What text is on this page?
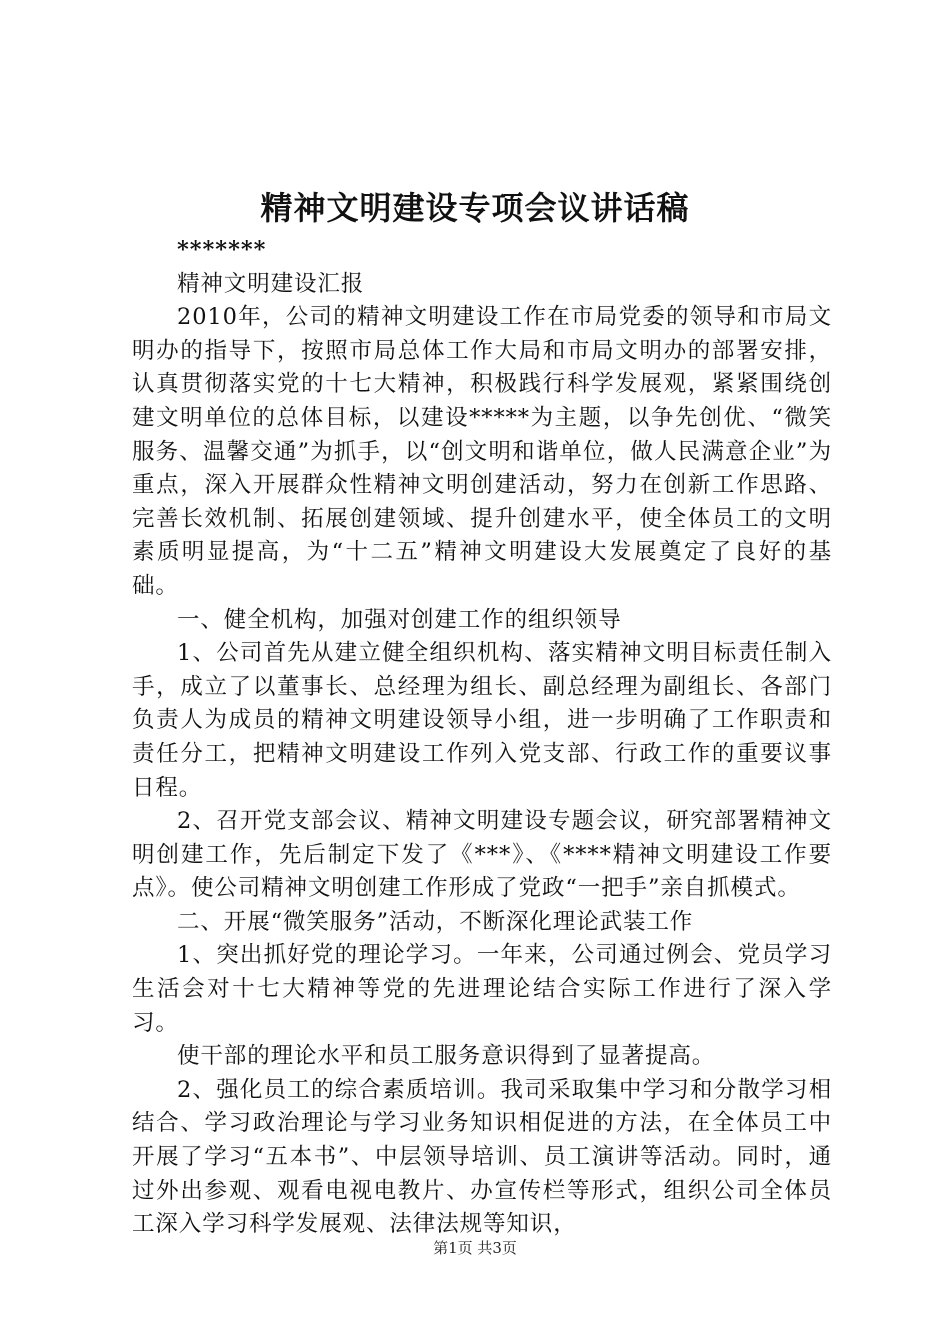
精神文明建设专项会议讲话稿

*******

精神文明建设汇报

2010年，公司的精神文明建设工作在市局党委的领导和市局文明办的指导下，按照市局总体工作大局和市局文明办的部署安排，认真贯彻落实党的十七大精神，积极践行科学发展观，紧紧围绕创建文明单位的总体目标，以建设*****为主题，以争先创优、“微笑服务、温馨交通”为抓手，以“创文明和谐单位，做人民满意企业”为重点，深入开展群众性精神文明创建活动，努力在创新工作思路、完善长效机制、拓展创建领域、提升创建水平，使全体员工的文明素质明显提高，为“十二五”精神文明建设大发展奠定了良好的基础。

一、健全机构，加强对创建工作的组织领导

1、公司首先从建立健全组织机构、落实精神文明目标责任制入手，成立了以董事长、总经理为组长、副总经理为副组长、各部门负责人为成员的精神文明建设领导小组，进一步明确了工作职责和责任分工，把精神文明建设工作列入党支部、行政工作的重要议事日程。

2、召开党支部会议、精神文明建设专题会议，研究部署精神文明创建工作，先后制定下发了《***》、《****精神文明建设工作要点》。使公司精神文明创建工作形成了党政“一把手”亲自抓模式。

二、开展“微笑服务”活动，不断深化理论武装工作

1、突出抓好党的理论学习。一年来，公司通过例会、党员学习生活会对十七大精神等党的先进理论结合实际工作进行了深入学习。

使干部的理论水平和员工服务意识得到了显著提高。

2、强化员工的综合素质培训。我司采取集中学习和分散学习相结合、学习政治理论与学习业务知识相促进的方法，在全体员工中开展了学习“五本书”、中层领导培训、员工演讲等活动。同时，通过外出参观、观看电视电教片、办宣传栏等形式，组织公司全体员工深入学习科学发展观、法律法规等知识，

第1页 共3页
